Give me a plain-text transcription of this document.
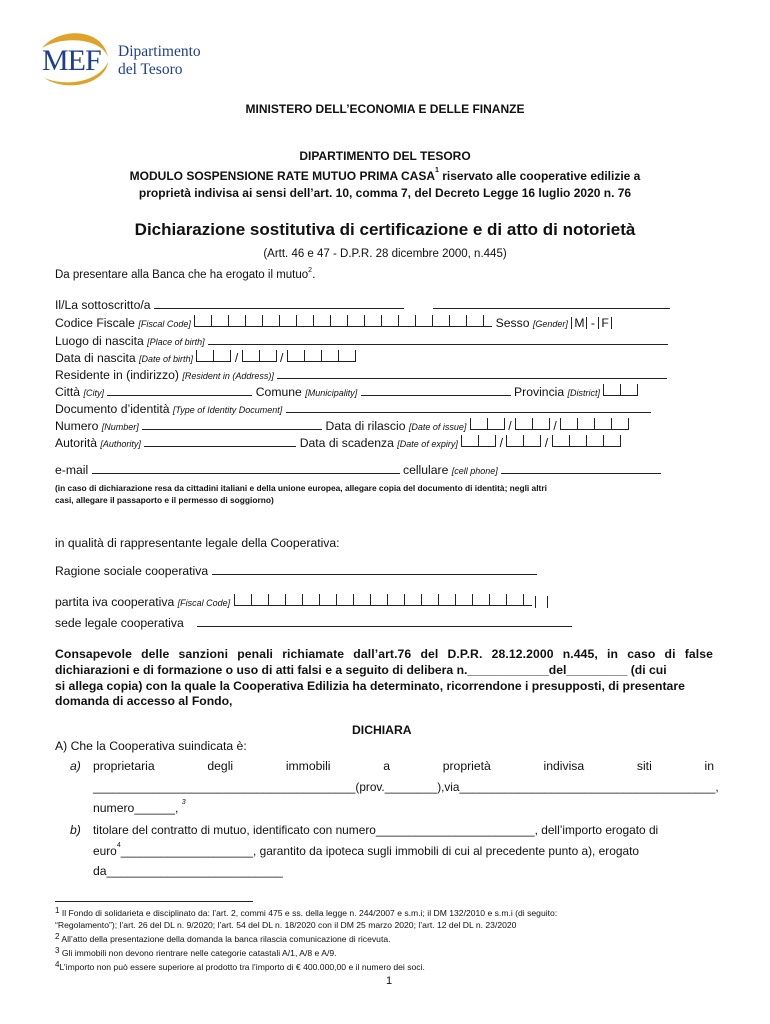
MEF Dipartimento
del Tesoro
MINISTERO DELL’ECONOMIA E DELLE FINANZE
DIPARTIMENTO DEL TESORO
MODULO SOSPENSIONE RATE MUTUO PRIMA CASA$^1$ riservato alle cooperative edilizie a
proprietà indivisa ai sensi dell’art. 10, comma 7, del Decreto Legge 16 luglio 2020 n. 76
Dichiarazione sostitutiva di certificazione e di atto di notorietà
(Artt. 46 e 47 - D.P.R. 28 dicembre 2000, n.445)
Da presentare alla Banca che ha erogato il mutuo$^2$.
Il/La sottoscritto/a
Codice Fiscale [Fiscal Code]	Sesso [Gender] M - F
Luogo di nascita [Place of birth]
Data di nascita [Date of birth]	/	/
Residente in (indirizzo) [Resident in (Address)]
Città [City]	Comune [Municipality]	Provincia [District]
Documento d’identità [Type of Identity Document]
Numero [Number]	Data di rilascio [Date of issue]	/	/
Autorità [Authority]	Data di scadenza [Date of expiry]	/	/
e-mail	cellulare [cell phone]
(in caso di dichiarazione resa da cittadini italiani e della unione europea, allegare copia del documento di identità; negli altri
casi, allegare il passaporto e il permesso di soggiorno)
in qualità di rappresentante legale della Cooperativa:
Ragione sociale cooperativa
partita iva cooperativa [Fiscal Code]
sede legale cooperativa
Consapevole delle sanzioni penali richiamate dall’art.76 del D.P.R. 28.12.2000 n.445, in caso di false
dichiarazioni e di formazione o uso di atti falsi e a seguito di delibera n.____________del_________ (di cui
si allega copia) con la quale la Cooperativa Edilizia ha determinato, ricorrendone i presupposti, di presentare
domanda di accesso al Fondo,
DICHIARA
A) Che la Cooperativa suindicata è:
a) proprietaria	degli	immobili	a	proprietà	indivisa	siti	in
________________________________________(prov.________),via_______________________________________,
numero______, $^3$
b) titolare del contratto di mutuo, identificato con numero________________________, dell’importo erogato di
euro$^4$____________________, garantito da ipoteca sugli immobili di cui al precedente punto a), erogato
da__________________________
$^1$ Il Fondo di solidarieta e disciplinato da: l’art. 2, commi 475 e ss. della legge n. 244/2007 e s.m.i; il DM 132/2010 e s.m.i (di seguito:
“Regolamento”); l’art. 26 del DL n. 9/2020; l’art. 54 del DL n. 18/2020 con il DM 25 marzo 2020; l’art. 12 del DL n. 23/2020
$^2$ All’atto della presentazione della domanda la banca rilascia comunicazione di ricevuta.
$^3$ Gli immobili non devono rientrare nelle categorie catastali A/1, A/8 e A/9.
$^4$L’importo non può essere superiore al prodotto tra l’importo di € 400.000,00 e il numero dei soci.
1
